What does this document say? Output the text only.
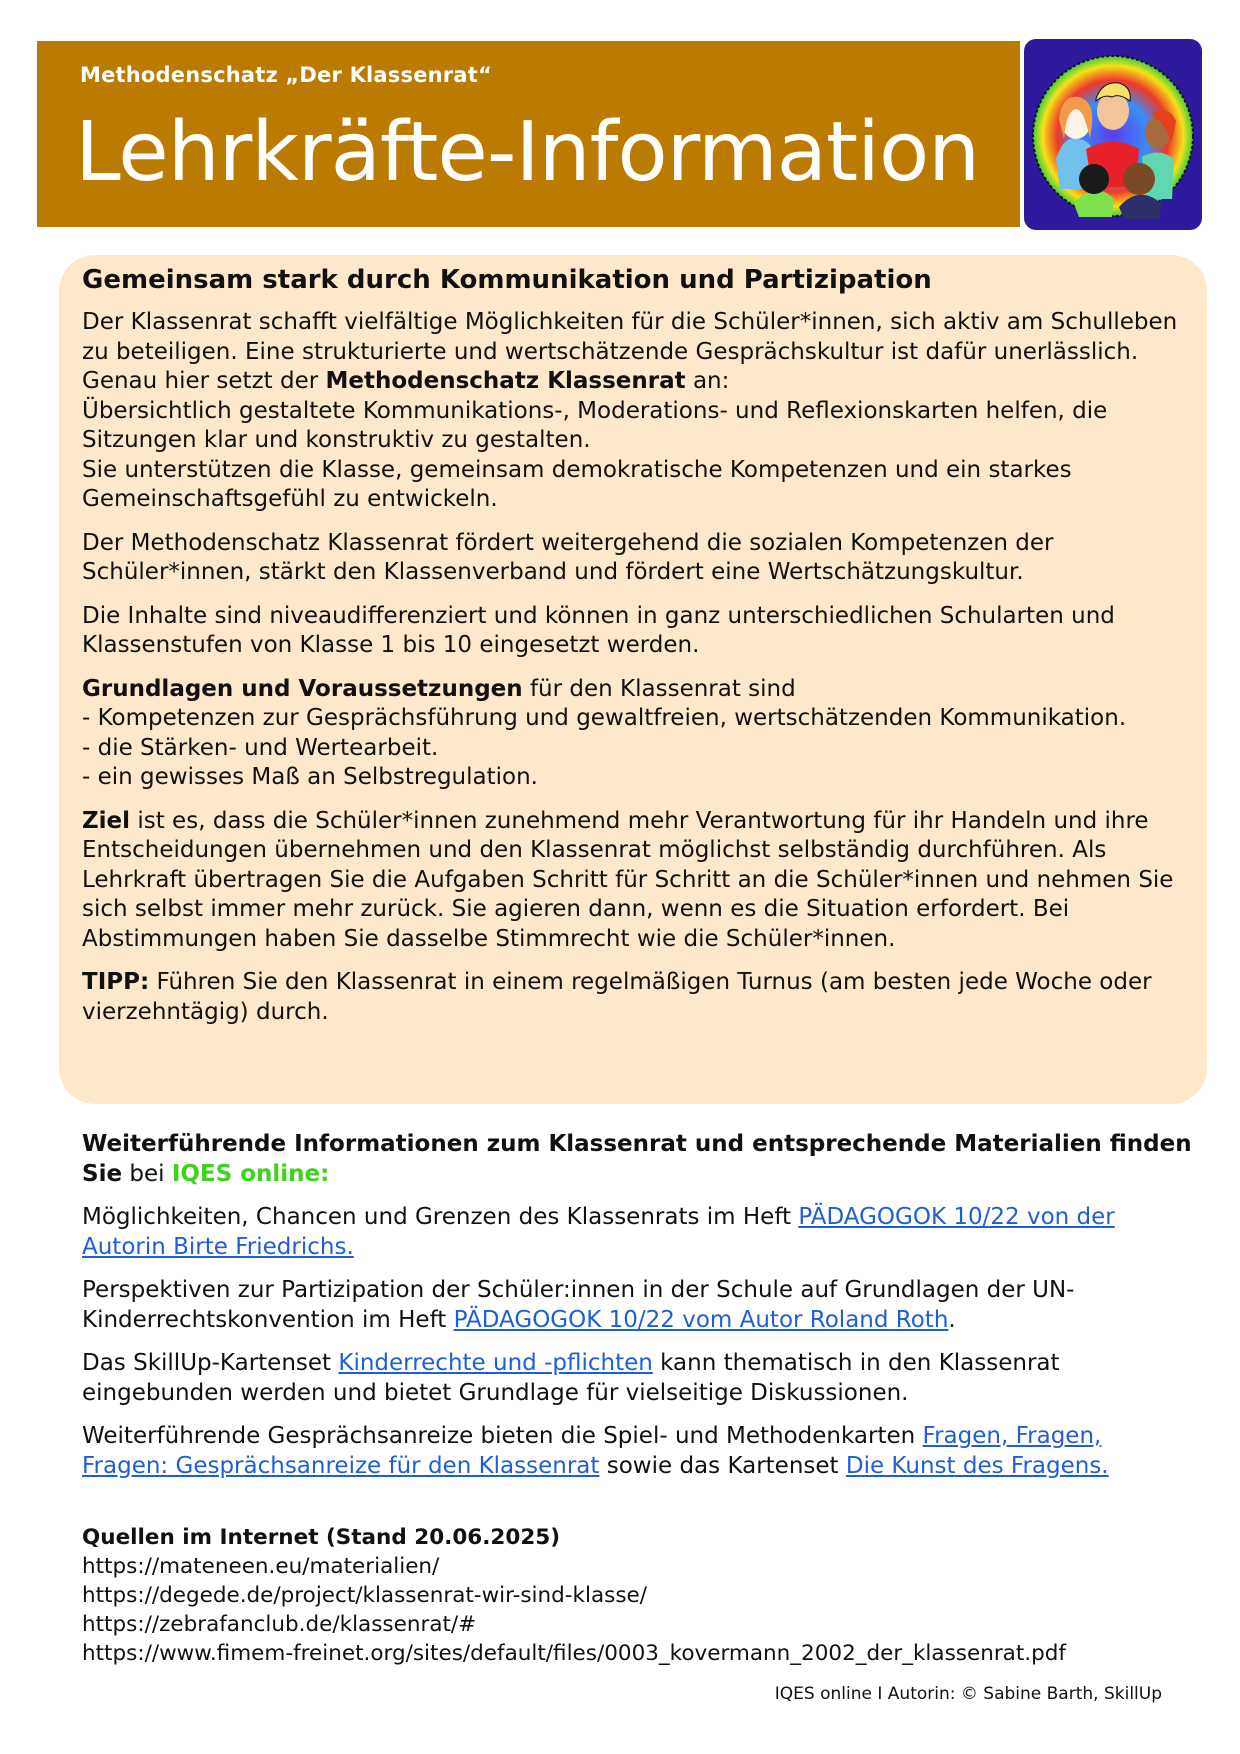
Methodenschatz „Der Klassenrat“
Lehrkräfte-Information
Gemeinsam stark durch Kommunikation und Partizipation

Der Klassenrat schafft vielfältige Möglichkeiten für die Schüler*innen, sich aktiv am Schulleben zu beteiligen. Eine strukturierte und wertschätzende Gesprächskultur ist dafür unerlässlich.

Genau hier setzt der Methodenschatz Klassenrat an:

Übersichtlich gestaltete Kommunikations-, Moderations- und Reflexionskarten helfen, die Sitzungen klar und konstruktiv zu gestalten.

Sie unterstützen die Klasse, gemeinsam demokratische Kompetenzen und ein starkes Gemeinschaftsgefühl zu entwickeln.

Der Methodenschatz Klassenrat fördert weitergehend die sozialen Kompetenzen der Schüler*innen, stärkt den Klassenverband und fördert eine Wertschätzungskultur.

Die Inhalte sind niveaudifferenziert und können in ganz unterschiedlichen Schularten und Klassenstufen von Klasse 1 bis 10 eingesetzt werden.

Grundlagen und Voraussetzungen für den Klassenrat sind

- Kompetenzen zur Gesprächsführung und gewaltfreien, wertschätzenden Kommunikation.

- die Stärken- und Wertearbeit.

- ein gewisses Maß an Selbstregulation.

Ziel ist es, dass die Schüler*innen zunehmend mehr Verantwortung für ihr Handeln und ihre Entscheidungen übernehmen und den Klassenrat möglichst selbständig durchführen. Als Lehrkraft übertragen Sie die Aufgaben Schritt für Schritt an die Schüler*innen und nehmen Sie sich selbst immer mehr zurück. Sie agieren dann, wenn es die Situation erfordert. Bei Abstimmungen haben Sie dasselbe Stimmrecht wie die Schüler*innen.

TIPP: Führen Sie den Klassenrat in einem regelmäßigen Turnus (am besten jede Woche oder vierzehntägig) durch.

Weiterführende Informationen zum Klassenrat und entsprechende Materialien finden Sie bei IQES online:

Möglichkeiten, Chancen und Grenzen des Klassenrats im Heft PÄDAGOGOK 10/22 von der Autorin Birte Friedrichs.

Perspektiven zur Partizipation der Schüler:innen in der Schule auf Grundlagen der UN-Kinderrechtskonvention im Heft PÄDAGOGOK 10/22 vom Autor Roland Roth.

Das SkillUp-Kartenset Kinderrechte und -pflichten kann thematisch in den Klassenrat eingebunden werden und bietet Grundlage für vielseitige Diskussionen.

Weiterführende Gesprächsanreize bieten die Spiel- und Methodenkarten Fragen, Fragen, Fragen: Gesprächsanreize für den Klassenrat sowie das Kartenset Die Kunst des Fragens.

Quellen im Internet (Stand 20.06.2025)

https://mateneen.eu/materialien/

https://degede.de/project/klassenrat-wir-sind-klasse/

https://zebrafanclub.de/klassenrat/#

https://www.fimem-freinet.org/sites/default/files/0003_kovermann_2002_der_klassenrat.pdf

IQES online I Autorin: © Sabine Barth, SkillUp
